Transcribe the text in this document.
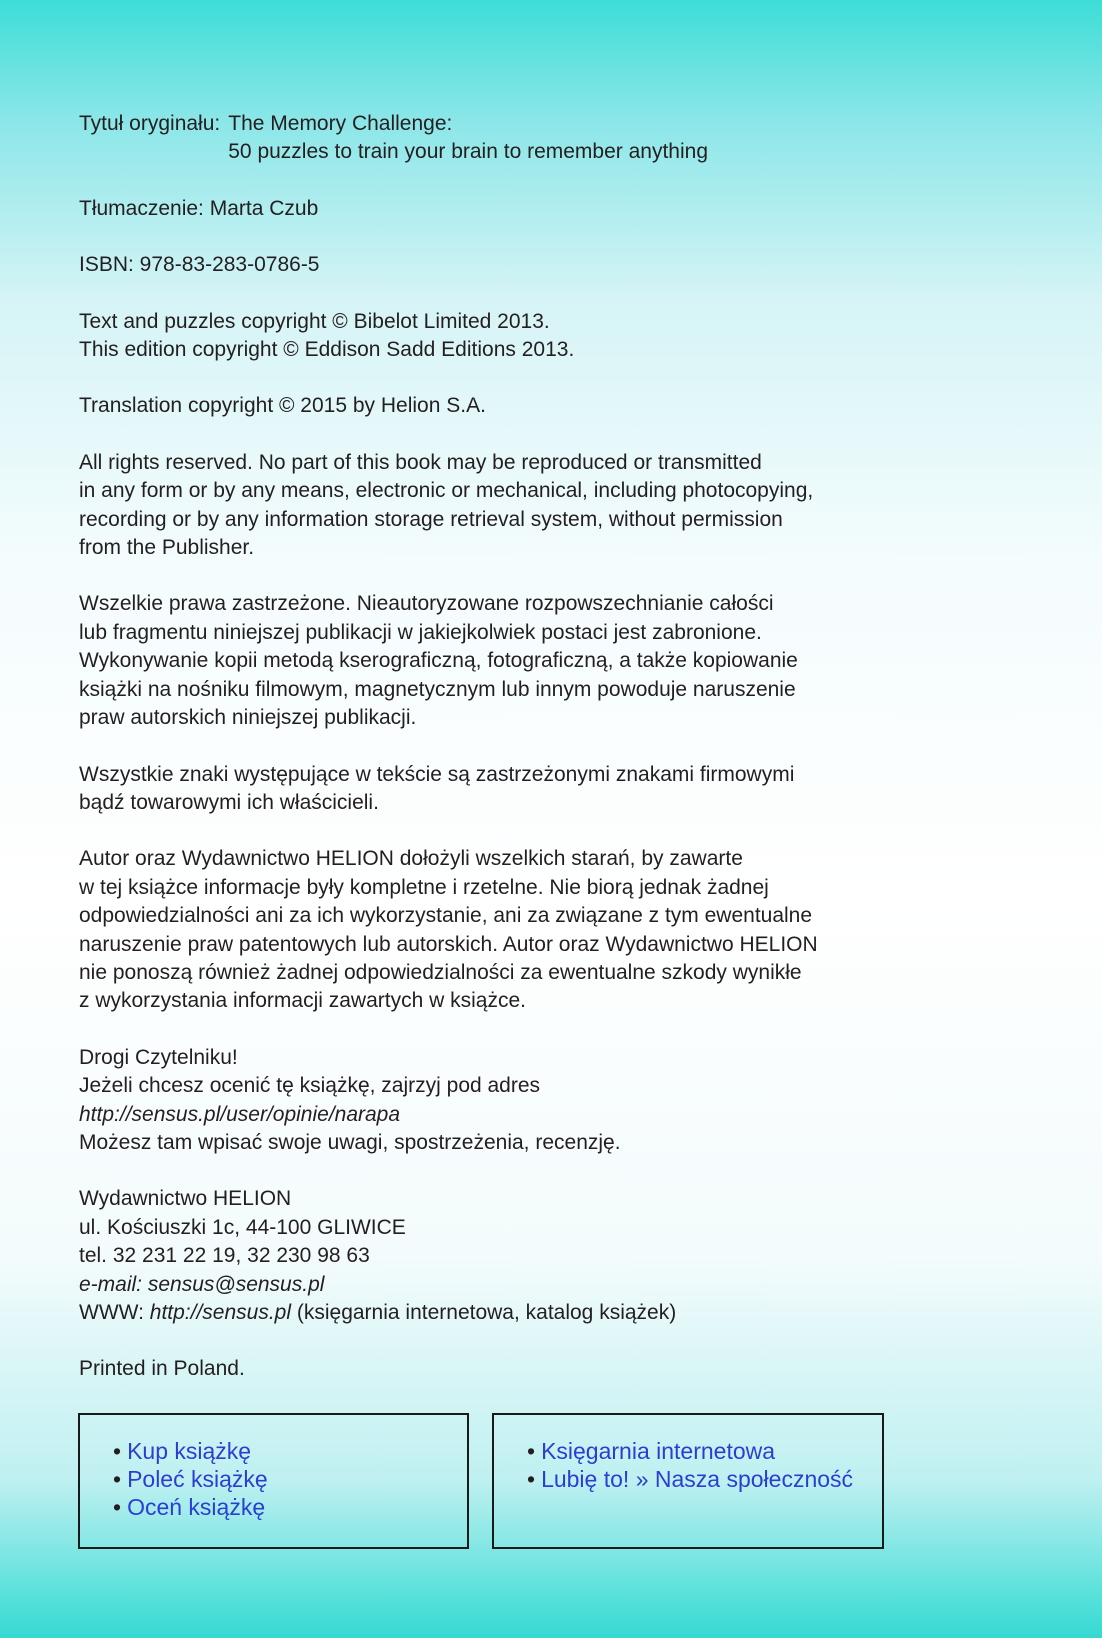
Tytuł oryginału: The Memory Challenge:
50 puzzles to train your brain to remember anything
Tłumaczenie: Marta Czub
ISBN: 978-83-283-0786-5
Text and puzzles copyright © Bibelot Limited 2013.
This edition copyright © Eddison Sadd Editions 2013.
Translation copyright © 2015 by Helion S.A.
All rights reserved. No part of this book may be reproduced or transmitted
in any form or by any means, electronic or mechanical, including photocopying,
recording or by any information storage retrieval system, without permission
from the Publisher.
Wszelkie prawa zastrzeżone. Nieautoryzowane rozpowszechnianie całości
lub fragmentu niniejszej publikacji w jakiejkolwiek postaci jest zabronione.
Wykonywanie kopii metodą kserograficzną, fotograficzną, a także kopiowanie
książki na nośniku filmowym, magnetycznym lub innym powoduje naruszenie
praw autorskich niniejszej publikacji.
Wszystkie znaki występujące w tekście są zastrzeżonymi znakami firmowymi
bądź towarowymi ich właścicieli.
Autor oraz Wydawnictwo HELION dołożyli wszelkich starań, by zawarte
w tej książce informacje były kompletne i rzetelne. Nie biorą jednak żadnej
odpowiedzialności ani za ich wykorzystanie, ani za związane z tym ewentualne
naruszenie praw patentowych lub autorskich. Autor oraz Wydawnictwo HELION
nie ponoszą również żadnej odpowiedzialności za ewentualne szkody wynikłe
z wykorzystania informacji zawartych w książce.
Drogi Czytelniku!
Jeżeli chcesz ocenić tę książkę, zajrzyj pod adres
http://sensus.pl/user/opinie/narapa
Możesz tam wpisać swoje uwagi, spostrzeżenia, recenzję.
Wydawnictwo HELION
ul. Kościuszki 1c, 44-100 GLIWICE
tel. 32 231 22 19, 32 230 98 63
e-mail: sensus@sensus.pl
WWW: http://sensus.pl (księgarnia internetowa, katalog książek)
Printed in Poland.
• Kup książkę
• Poleć książkę
• Oceń książkę
• Księgarnia internetowa
• Lubię to! » Nasza społeczność
